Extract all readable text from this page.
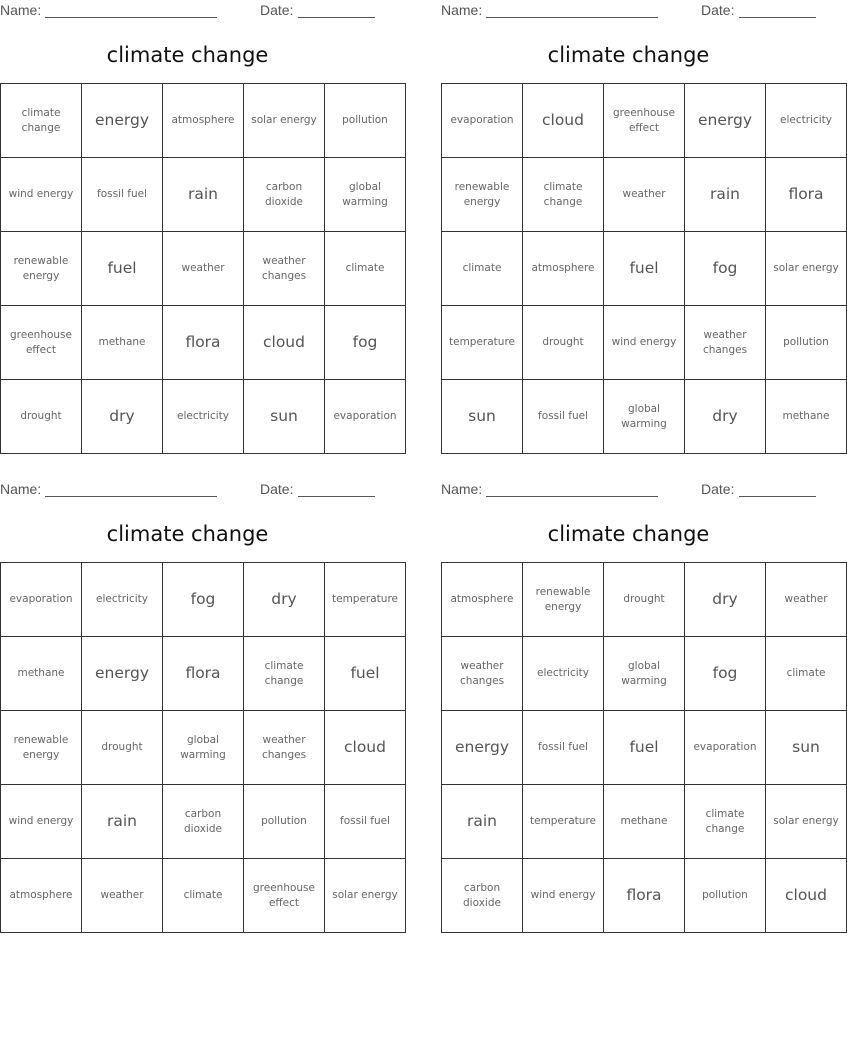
Name:	Date:
climate change
climate change	energy	atmosphere	solar energy	pollution
wind energy	fossil fuel	rain	carbon dioxide	global warming
renewable energy	fuel	weather	weather changes	climate
greenhouse effect	methane	flora	cloud	fog
drought	dry	electricity	sun	evaporation
Name:	Date:
climate change
evaporation	cloud	greenhouse effect	energy	electricity
renewable energy	climate change	weather	rain	flora
climate	atmosphere	fuel	fog	solar energy
temperature	drought	wind energy	weather changes	pollution
sun	fossil fuel	global warming	dry	methane
Name:	Date:
climate change
evaporation	electricity	fog	dry	temperature
methane	energy	flora	climate change	fuel
renewable energy	drought	global warming	weather changes	cloud
wind energy	rain	carbon dioxide	pollution	fossil fuel
atmosphere	weather	climate	greenhouse effect	solar energy
Name:	Date:
climate change
atmosphere	renewable energy	drought	dry	weather
weather changes	electricity	global warming	fog	climate
energy	fossil fuel	fuel	evaporation	sun
rain	temperature	methane	climate change	solar energy
carbon dioxide	wind energy	flora	pollution	cloud
